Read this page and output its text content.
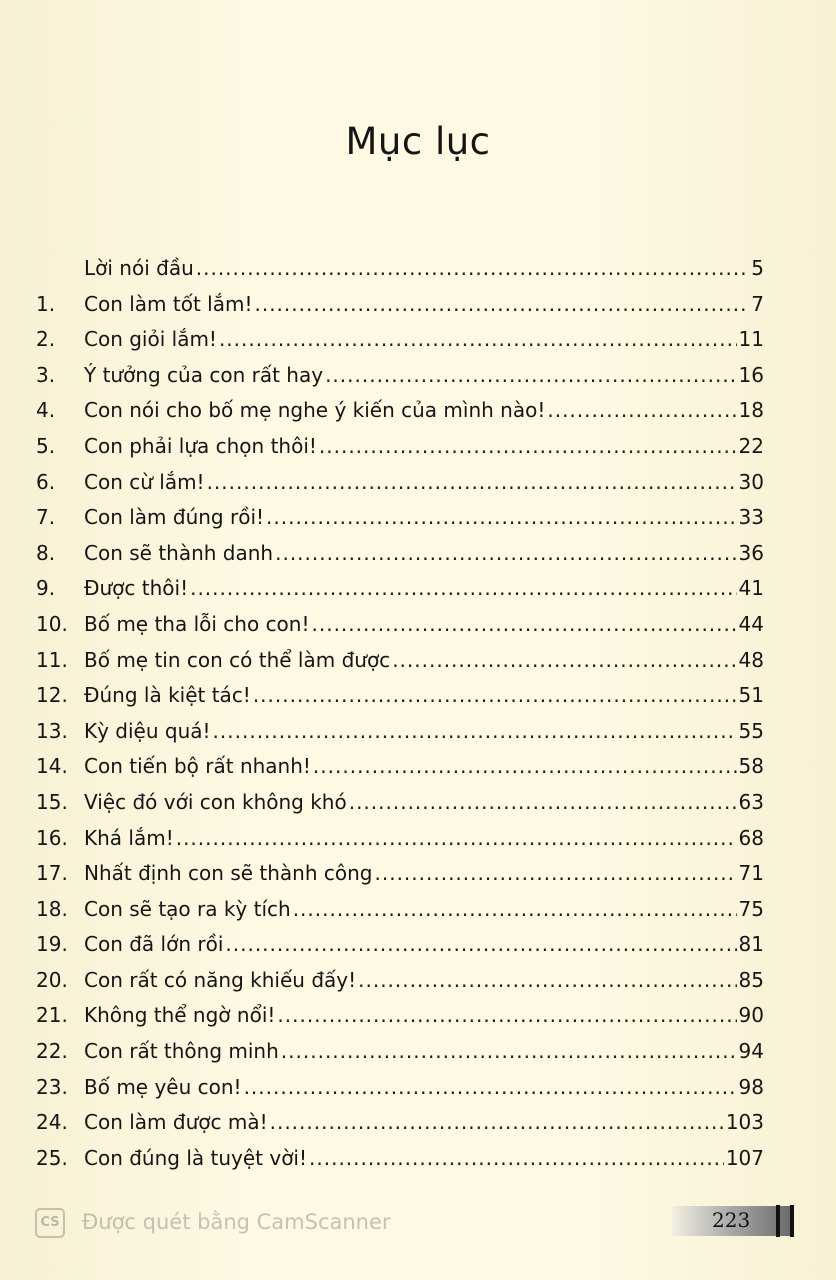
Mục lục
Lời nói đầu .....	5
1.	Con làm tốt lắm! .....	7
2.	Con giỏi lắm! .....	11
3.	Ý tưởng của con rất hay .....	16
4.	Con nói cho bố mẹ nghe ý kiến của mình nào! .....	18
5.	Con phải lựa chọn thôi! .....	22
6.	Con cừ lắm! .....	30
7.	Con làm đúng rồi! .....	33
8.	Con sẽ thành danh .....	36
9.	Được thôi! .....	41
10. Bố mẹ tha lỗi cho con! .....	44
11. Bố mẹ tin con có thể làm được .....	48
12. Đúng là kiệt tác! .....	51
13. Kỳ diệu quá! .....	55
14. Con tiến bộ rất nhanh! .....	58
15. Việc đó với con không khó .....	63
16. Khá lắm! .....	68
17. Nhất định con sẽ thành công .....	71
18. Con sẽ tạo ra kỳ tích .....	75
19. Con đã lớn rồi .....	81
20. Con rất có năng khiếu đấy! .....	85
21. Không thể ngờ nổi! .....	90
22. Con rất thông minh .....	94
23. Bố mẹ yêu con! .....	98
24. Con làm được mà! .....	103
25. Con đúng là tuyệt vời! .....	107
CS Được quét bằng CamScanner	223
